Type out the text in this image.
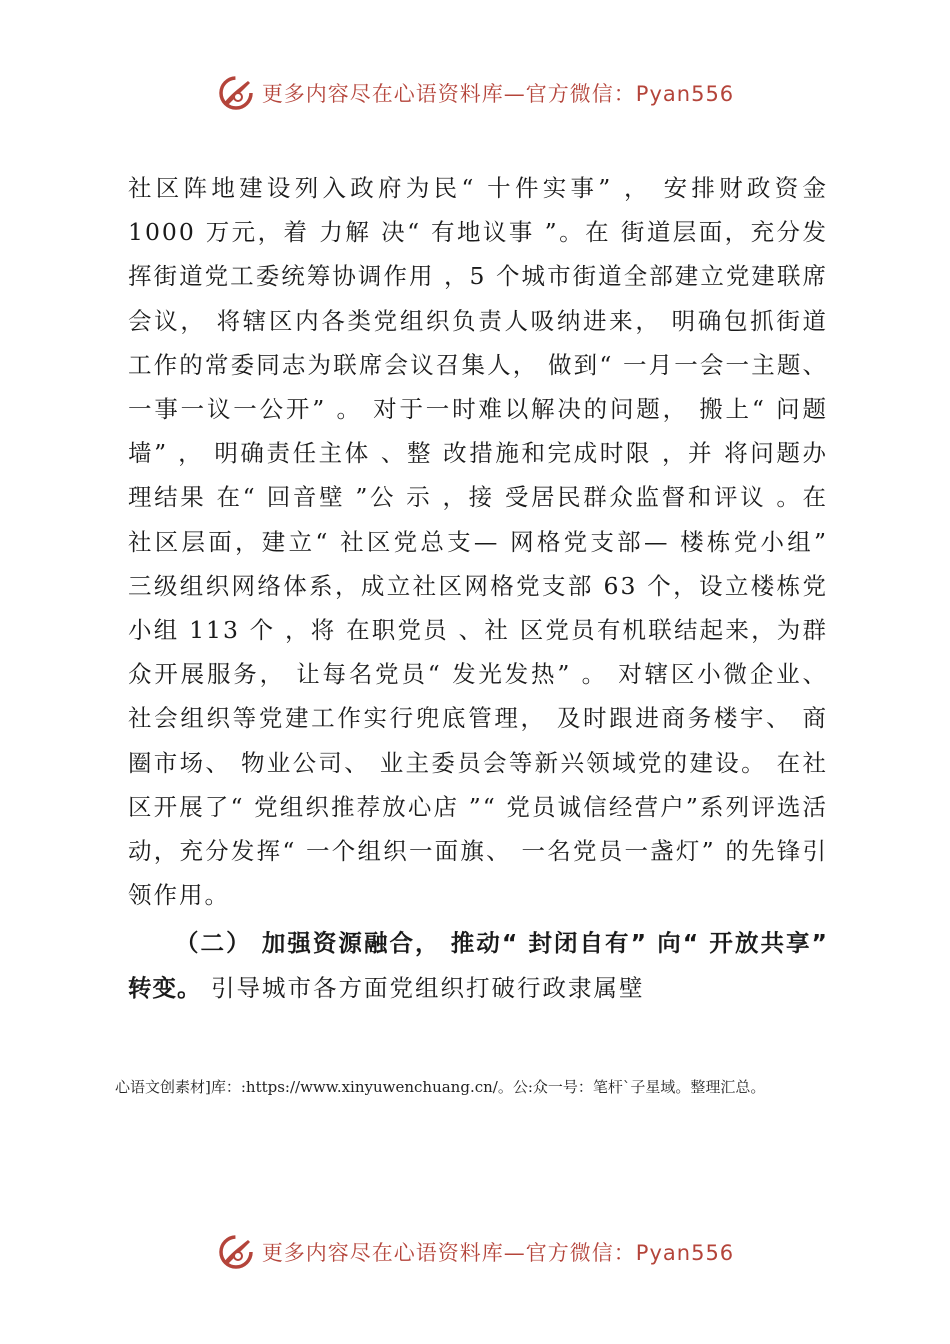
更多内容尽在心语资料库—官方微信：Pyan556

社区阵地建设列入政府为民“ 十件实事” ， 安排财政资金 1000 万元，着 力解 决“ 有地议事 ”。在 街道层面，充分发挥街道党工委统筹协调作用 ，5 个城市街道全部建立党建联席会议， 将辖区内各类党组织负责人吸纳进来， 明确包抓街道工作的常委同志为联席会议召集人， 做到“ 一月一会一主题、 一事一议一公开” 。 对于一时难以解决的问题， 搬上“ 问题墙” ， 明确责任主体 、整 改措施和完成时限 ，并 将问题办理结果 在“ 回音壁 ”公 示 ，接 受居民群众监督和评议 。在 社区层面，建立“ 社区党总支— 网格党支部— 楼栋党小组” 三级组织网络体系，成立社区网格党支部 63 个，设立楼栋党小组 113 个 ，将 在职党员 、社 区党员有机联结起来，为群众开展服务， 让每名党员“ 发光发热” 。 对辖区小微企业、 社会组织等党建工作实行兜底管理， 及时跟进商务楼宇、 商圈市场、 物业公司、 业主委员会等新兴领域党的建设。 在社区开展了“ 党组织推荐放心店 ”“ 党员诚信经营户”系列评选活动，充分发挥“ 一个组织一面旗、 一名党员一盏灯” 的先锋引领作用。

（二） 加强资源融合， 推动“ 封闭自有” 向“ 开放共享” 转变。 引导城市各方面党组织打破行政隶属壁

心语文创素材]库：:https://www.xinyuwenchuang.cn/。公:众一号：笔杆`子星域。整理汇总。
更多内容尽在心语资料库—官方微信：Pyan556
